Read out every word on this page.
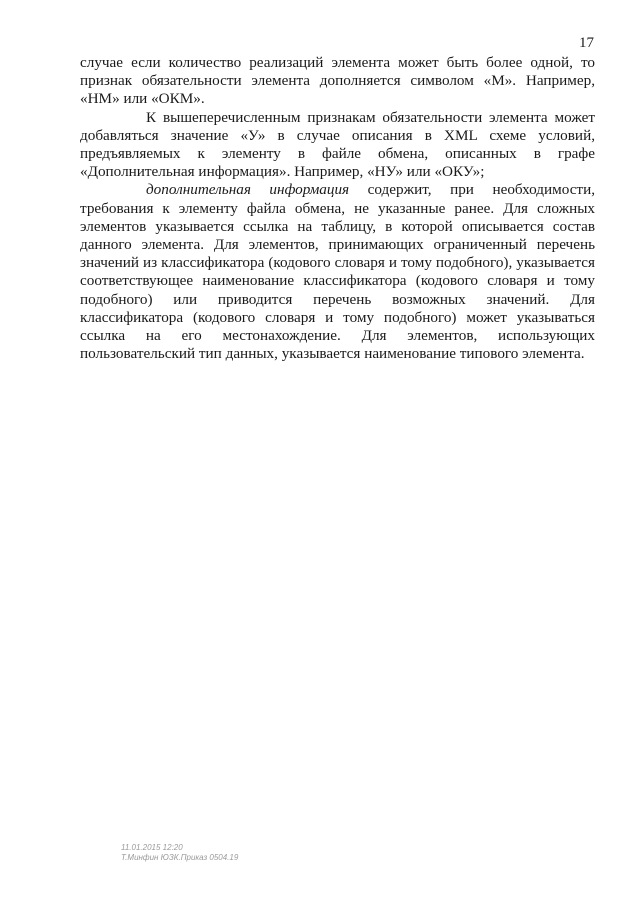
17

случае если количество реализаций элемента может быть более одной, то признак обязательности элемента дополняется символом «М». Например, «НМ» или «ОКМ».

К вышеперечисленным признакам обязательности элемента может добавляться значение «У» в случае описания в XML схеме условий, предъявляемых к элементу в файле обмена, описанных в графе «Дополнительная информация». Например, «НУ» или «ОКУ»;

дополнительная информация содержит, при необходимости, требования к элементу файла обмена, не указанные ранее. Для сложных элементов указывается ссылка на таблицу, в которой описывается состав данного элемента. Для элементов, принимающих ограниченный перечень значений из классификатора (кодового словаря и тому подобного), указывается соответствующее наименование классификатора (кодового словаря и тому подобного) или приводится перечень возможных значений. Для классификатора (кодового словаря и тому подобного) может указываться ссылка на его местонахождение. Для элементов, использующих пользовательский тип данных, указывается наименование типового элемента.

11.01.2015 12:20
Т.Минфин ЮЗК.Приказ 0504.19
